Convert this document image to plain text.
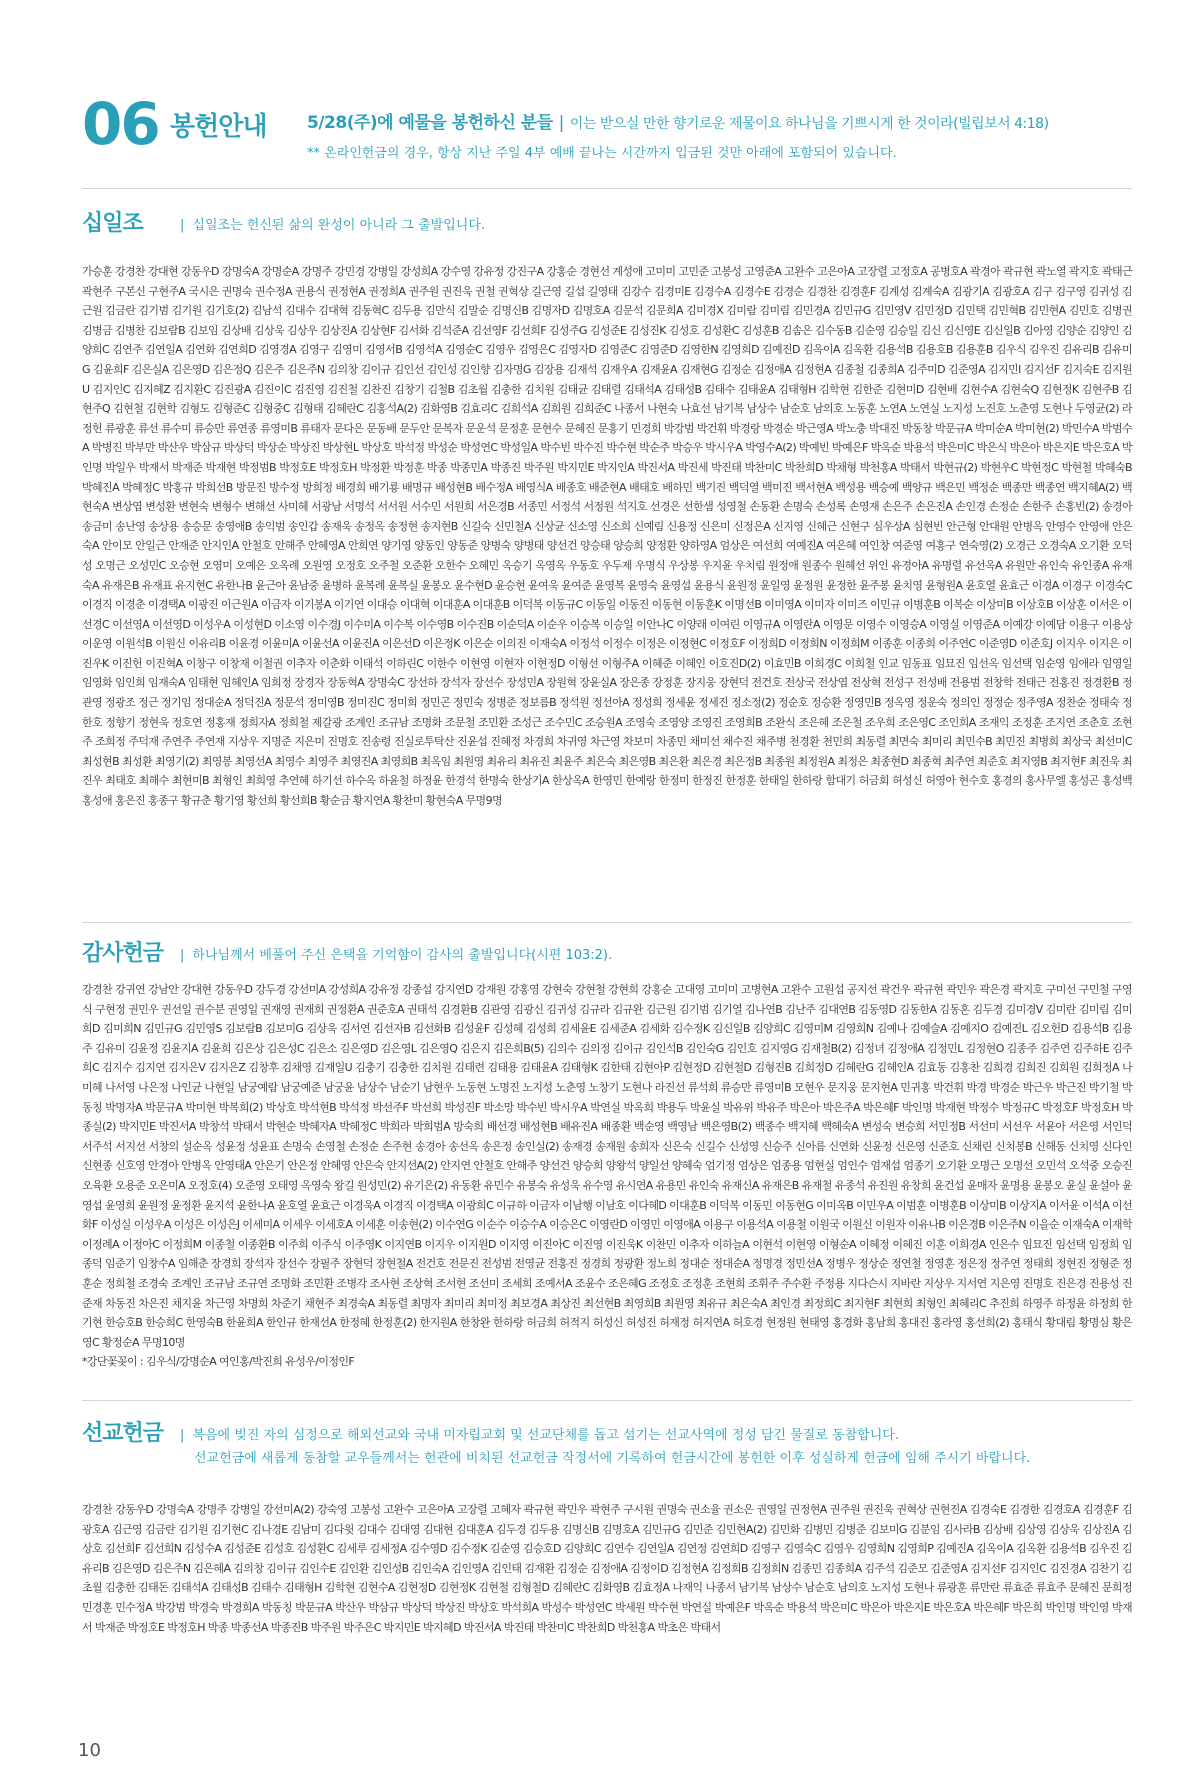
06 봉헌안내 5/28(주)에 예물을 봉헌하신 분들 | 이는 받으실 만한 향기로운 제물이요 하나님을 기쁘시게 한 것이라(빌립보서 4:18)
** 온라인헌금의 경우, 항상 지난 주일 4부 예배 끝나는 시간까지 입금된 것만 아래에 포함되어 있습니다.
십일조	| 십일조는 헌신된 삶의 완성이 아니라 그 출발입니다.
가승훈 강경찬 강대현 강동우D 강명숙A 강명순A 강명주 강민경 강병일 강성희A 강수영 강유정 강진구A 강홍순 경현선 계성애 고미미 고민준 고봉성 고영준A 고완수 고은아A 고장렬 고정호A 공병호A 곽경아 곽규현 곽노열 곽지호 곽태근 곽현주 구본신 구현주A 국시은 권명숙 권수정A 권용식 권정현A 권정희A 권주원 권진욱 권철 권혁상 길근영 길섭 길영태 김강수 김경미E 김경수A 김경수E 김경순 김경찬 김경훈F 김계성 김계숙A 김광기A 김광호A 김구 김구영 김귀성 김근원 김금란 김기범 김기원 김기호(2) 김남석 김대수 김대혁 김동혁C 김두용 김만식 김말순 김명신B 김명자D 김명호A 김문석 김문희A 김미경X 김미람 김미림 김민경A 김민규G 김민영V 김민정D 김민택 김민혁B 김민현A 김민호 김병권 김병금 김병찬 김보람B 김보임 김상배 김상욱 김상우 김상진A 김상현F 김서화 김석준A 김선영F 김선희F 김성주G 김성준E 김성진K 김성호 김성환C 김성훈B 김솜은 김수동B 김순영 김승일 김신 김신영E 김신일B 김아영 김양순 김양인 김양희C 김연주 김연일A 김연화 김연희D 김영경A 김영구 김영미 김영서B 김영석A 김영순C 김영우 김영은C 김영자D 김영준C 김영준D 김영한N 김영희D 김예진D 김옥이A 김옥환 김용석B 김용호B 김용훈B 김우식 김우진 김유리B 김유미G 김윤희F 김은실A 김은영D 김은정Q 김은주 김은주N 김의창 김이규 김인선 김인성 김인향 김자명G 김장용 김재석 김재우A 김재윤A 김재현G 김정순 김정애A 김정현A 김종철 김종희A 김주미D 김준영A 김지민I 김지선F 김지숙E 김지원U 김지인C 김지혜Z 김지환C 김진광A 김진이C 김진영 김진철 김찬진 김창기 김철B 김초월 김충한 김치원 김태균 김태렬 김태석A 김태성B 김태수 김태윤A 김태형H 김학현 김한준 김현미D 김현배 김현수A 김현숙Q 김현정K 김현주B 김현주Q 김현철 김현학 김형도 김형준C 김형중C 김형태 김혜란C 김홍석A(2) 김화영B 김효리C 김희석A 김희원 김희준C 나종서 나현숙 나효선 남기복 남상수 남순호 남의호 노동훈 노연A 노연실 노지성 노진호 노춘영 도현나 두영균(2) 라정헌 류광훈 류선 류수미 류승만 류연종 류영미B 류태자 문다은 문동배 문두안 문복자 문운석 문정훈 문현수 문혜진 문홍기 민경희 박강범 박건휘 박경랑 박경순 박근영A 박노충 박대진 박동창 박문규A 박미순A 박미현(2) 박민수A 박범수A 박병진 박부만 박산우 박삼규 박상덕 박상순 박상진 박상현L 박상호 박석정 박성순 박성연C 박성일A 박수빈 박수진 박수현 박순주 박승우 박시우A 박영수A(2) 박예빈 박예은F 박옥순 박용석 박은미C 박은식 박은아 박은지E 박은호A 박인명 박일우 박재서 박재준 박재현 박정범B 박정호E 박정호H 박정환 박정훈 박종 박종민A 박종진 박주원 박지민E 박지인A 박진서A 박진세 박진태 박찬미C 박찬희D 박채형 박천홍A 박태서 박현규(2) 박현우C 박현정C 박현철 박혜숙B 박혜진A 박혜정C 박홍규 박희선B 방문진 방수정 방희정 배경희 배기룡 배명규 배성현B 배수정A 배영식A 배종호 배준현A 배태호 배하민 백기진 백덕열 백미진 백서현A 백성용 백승예 백양규 백은민 백정순 백종만 백종연 백지혜A(2) 백현숙A 변상엽 변성환 변현숙 변형수 변해선 사미혜 서광남 서명석 서서원 서수민 서원희 서은경B 서종민 서정석 서정원 석지호 선경은 선한샘 성영철 손동환 손명숙 손성록 손영재 손은주 손은진A 손인경 손정순 손한주 손홍빈(2) 송경아 송금미 송난영 송상용 송승문 송영애B 송익범 송인갑 송재욱 송정옥 송정현 송지현B 신길숙 신민철A 신상균 신소영 신소희 신예림 신용정 신은미 신정은A 신지영 신혜근 신현구 심우상A 심현빈 안근형 안대원 안병옥 안영수 안영애 안은숙A 안이모 안일근 안재준 안지인A 안철호 안해주 안혜영A 안희연 양기영 양동인 양동준 양병숙 양병태 양선건 양승태 양승희 양정환 양하영A 엄상은 여선희 여예진A 여은혜 여인창 여준영 여홍구 연숙영(2) 오경근 오경숙A 오기환 오덕성 오명근 오성민C 오승현 오영미 오예은 오옥례 오원영 오정호 오주철 오준환 오한수 오혜민 옥승기 옥영옥 우동호 우두제 우명식 우상봉 우지윤 우치림 원정애 원종수 원혜선 위인 유경아A 유명렬 유선옥A 유원만 유인숙 유인종A 유재숙A 유재은B 유재표 유지현C 유한나B 윤근아 윤남중 윤병하 윤복례 윤복실 윤봉오 윤수현D 윤승현 윤여욱 윤여준 윤영복 윤영숙 윤영섭 윤용식 윤원정 윤일영 윤정원 윤정한 윤주봉 윤치영 윤형원A 윤호열 윤효근 이경A 이경구 이경숙C 이경직 이경춘 이경택A 이광진 이근원A 이금자 이기봉A 이기연 이대승 이대혁 이대훈A 이대훈B 이덕복 이동규C 이동일 이동진 이동현 이동훈K 이명선B 이미영A 이미자 이미즈 이민규 이병훈B 이복순 이상미B 이상호B 이상훈 이서은 이선경C 이선영A 이선영D 이성우A 이성현D 이소영 이수경J 이수미A 이수복 이수영B 이수진B 이순덕A 이순우 이승복 이승일 이안나C 이양래 이여린 이영규A 이영란A 이영문 이영수 이영승A 이영실 이영준A 이예강 이예담 이용구 이용상 이운영 이원석B 이원신 이유리B 이윤경 이윤미A 이윤선A 이윤진A 이은선D 이은정K 이은순 이의진 이재숙A 이정석 이정수 이정은 이정현C 이정호F 이정희D 이정희N 이정희M 이종훈 이종희 이주연C 이준영D 이준호J 이지우 이지은 이진우K 이진헌 이진혁A 이창구 이창재 이철권 이추자 이춘화 이태석 이하린C 이한수 이현영 이현자 이현정D 이형선 이형주A 이혜준 이혜인 이호진D(2) 이효민B 이희경C 이희철 인교 임동표 임묘진 임선옥 임선택 임순영 임애라 임영일 임영화 임인희 임재숙A 임태현 임혜인A 임희정 장경자 장동혁A 장명숙C 장선하 장석자 장선수 장성민A 장원혁 장윤실A 장은종 장정훈 장지웅 장현덕 전건호 전상국 전상엽 전상혁 전성구 전성배 전용범 전창학 전태근 전홍진 정경환B 정관영 정광조 정근 정기임 정대순A 정덕진A 정문석 정미영B 정미진C 정미희 정민곤 정민숙 정병준 정보름B 정석원 정선아A 정성희 정세윤 정세진 정소정(2) 정순호 정승환 정영민B 정옥영 정운숙 정의인 정정순 정주영A 정찬순 정태숙 정한호 정향기 정현욱 정호연 정홍재 정희자A 정희철 제갈광 조계인 조규남 조명화 조문철 조민환 조성근 조수민C 조승원A 조영숙 조영양 조영진 조영희B 조완식 조은혜 조은철 조우희 조은영C 조인희A 조재익 조정훈 조지연 조춘호 조현주 조희정 주덕재 주연주 주연재 지상우 지명준 지은미 진명호 진송령 진실로투탁산 진윤섭 진혜정 차경희 차귀영 차근영 차보미 차종민 채미선 채수진 채주병 천경환 천민희 최동렬 최면숙 최미리 최민수B 최민진 최병희 최상국 최선미C 최성현B 최성환 최영기(2) 최영봉 최영선A 최영수 최영주 최영진A 최영희B 최옥임 최원영 최유리 최유진 최윤주 최은숙 최은영B 최은환 최은경 최은정B 최종원 최정원A 최정은 최종현D 최종혁 최주연 최준호 최지영B 최지현F 최진욱 최진우 최태호 최해수 최현미B 최형인 최희영 추연혜 하기선 하수옥 하윤철 하정윤 한경석 한명숙 한상기A 한상옥A 한영민 한예랑 한정미 한정진 한정훈 한태일 한하랑 함대기 허금회 허성신 허영아 현수호 홍경의 홍사무엘 홍성곤 홍성백 홍성애 홍은진 홍종구 황규춘 황기영 황선희 황선희B 황순금 황지연A 황찬미 황현숙A 무명9명
감사헌금 | 하나님께서 베풀어 주신 은택을 기억함이 감사의 출발입니다(시편 103:2).
강경찬 강귀연 강남안 강대현 강동우D 강두경 강선미A 강성희A 강유정 강종섭 강지연D 강재원 강홍영 강현숙 강현철 강현희 강홍순 고대영 고미미 고병현A 고완수 고원섭 공지선 곽건우 곽규현 곽민우 곽은경 곽지호 구미선 구민철 구영식 구현정 권민우 권선일 권수분 권영일 권재영 권재희 권정환A 권준호A 권태석 김경환B 김관영 김광신 김귀성 김규라 김규완 김근원 김기범 김기열 김나연B 김난주 김대연B 김동영D 김동한A 김동혼 김두경 김미경V 김미란 김미림 김미희D 김미희N 김민규G 김민영S 김보람B 김보미G 김상욱 김서연 김선자B 김선화B 김성윤F 김성혜 김성희 김세윤E 김세준A 김세화 김수정K 김신일B 김양희C 김영미M 김영희N 김예나 김예슬A 김예지O 김예진L 김오헌D 김용석B 김용주 김유미 김윤정 김윤지A 김윤희 김은상 김은성C 김은소 김은영D 김은영L 김은영Q 김은지 김은희B(5) 김의수 김의정 김이규 김인석B 김인숙G 김인호 김지영G 김재철B(2) 김정녀 김정애A 김정민L 김정현O 김종주 김주연 김주하E 김주희C 김지수 김지연 김지은V 김지은Z 김창후 김채영 김재일U 김충기 김충한 김치원 김태련 김태용 김태윤A 김태형K 김한태 김현아P 김현정D 김현철D 김형진B 김희정D 김혜란G 김혜인A 김효동 김홍찬 김희경 김희진 김희원 김희정A 나미혜 나서영 나은정 나인균 나현일 남궁예람 남궁예준 남궁윤 남상수 남순기 남현우 노동현 노명진 노지성 노춘영 노창기 도현나 라진선 류석희 류승만 류영미B 모현우 문지웅 문지현A 민귀홍 박건휘 박경 박경순 박근우 박근진 박기철 박동칭 박명자A 박문규A 박미현 박복희(2) 박상호 박석현B 박석정 박선주F 박선희 박성진F 박소망 박수빈 박시우A 박연실 박옥희 박용두 박윤실 박유위 박유주 박은아 박은주A 박은혜F 박인명 박재현 박정수 박정규C 박정호F 박정호H 박종실(2) 박지민E 박진서A 박창석 박태서 박현순 박혜자A 박혜정C 박희라 박희범A 방숙희 배선경 배성현B 배유진A 배종환 백순영 백영남 백은영B(2) 백종수 백지혜 백혜숙A 변성숙 변승희 서민정B 서선미 서선우 서윤아 서은영 서인덕 서주석 서지선 서창의 설순옥 성윤정 성윤표 손명숙 손영철 손정순 손주현 송경아 송선옥 송은정 송인실(2) 송재경 송재원 송희자 신은숙 신길수 신성영 신승주 신아름 신연화 신윤정 신은영 신준호 신채린 신치봉B 신해동 신치영 신다인 신현종 신호영 안경아 안병옥 안영태A 안은기 안은정 안혜영 안은숙 안지선A(2) 안지연 안철호 안해주 양선건 양승희 양왕석 양일선 양혜숙 엄기정 엄상은 엄종용 엄현실 엄인수 엄재섭 엄종기 오기환 오명근 오명선 오민석 오석중 오승진 오육환 오용준 오은미A 오정호(4) 오준영 오태영 옥영숙 왕길 원성민(2) 유기은(2) 유동환 유민수 유봉숙 유성욱 유수영 유시연A 유용민 유인숙 유재신A 유재은B 유재철 유종석 유진원 유창희 윤건섭 윤매자 윤명용 윤봉오 윤실 윤설아 윤영섭 윤영희 윤원정 윤정환 윤지석 윤한나A 윤호열 윤효근 이경욱A 이경직 이경택A 이광희C 이규하 이금자 이남행 이남호 이다혜D 이대훈B 이덕복 이동민 이동현G 이미옥B 이민우A 이범훈 이병훈B 이상미B 이상지A 이서윤 이석A 이선화F 이성실 이성우A 이성은 이성은J 이세미A 이세우 이세호A 이세훈 이송현(2) 이수연G 이순수 이승수A 이승은C 이영란D 이영민 이영애A 이용구 이용석A 이용철 이원국 이원신 이원자 이유나B 이은경B 이은주N 이을순 이재숙A 이재학 이정례A 이정아C 이정희M 이종철 이종환B 이주희 이주식 이주영K 이지연B 이지우 이지원D 이지영 이진아C 이진영 이진욱K 이찬민 이추자 이하늘A 이현석 이현영 이형순A 이혜정 이혜진 이훈 이희경A 인은수 임묘진 임선택 임정희 임종덕 임준기 임창수A 임해춘 장경희 장석자 장선수 장필주 장현덕 장현철A 전건호 전문진 전성범 전영균 전홍진 정경희 정광환 정노희 정대순 정대순A 정명경 정민선A 정병우 정상순 정연철 정영훈 정은정 정주연 정태희 정현진 정형준 정훈순 정희철 조경숙 조계인 조규남 조규연 조명화 조민환 조병각 조사현 조상혁 조서현 조선미 조세희 조예서A 조윤수 조은혜G 조정호 조정훈 조현희 조휘주 주수환 주정용 지다슨시 지바란 지상우 지서연 지은영 진명호 진은경 진용성 진준재 차동진 차은진 채지윤 차근영 차명희 차준기 채현주 최경숙A 최동렬 최명자 최미리 최미정 최보경A 최상진 최선현B 최영희B 최원영 최유규 최은숙A 최인경 최정희C 최지현F 최현희 최형인 최혜리C 추진희 하영주 하정윤 하정희 한기현 한승호B 한승희C 한영숙B 한윤희A 한인규 한재선A 한정혜 한정훈(2) 한지원A 한창완 한하랑 허금희 허적지 허성신 허성진 허재정 허지연A 허호경 현정원 현태영 홍경화 홍남희 홍대진 홍라영 홍선희(2) 홍태식 황대림 황명심 황은영C 황정순A 무명10명
*강단꽃꽂이 : 김우식/강명순A 여인홍/박진희 유성우/이정인F
선교헌금 | 복음에 빚진 자의 심정으로 해외선교와 국내 미자립교회 및 선교단체를 돕고 섬기는 선교사역에 정성 담긴 물질로 동참합니다.
선교헌금에 새롭게 동참할 교우들께서는 헌관에 비치된 선교헌금 작정서에 기록하여 헌금시간에 봉헌한 이후 성실하게 헌금에 임해 주시기 바랍니다.
강경찬 강동우D 강명숙A 강명주 강병일 강선미A(2) 강숙영 고봉성 고완수 고은아A 고장렬 고혜자 곽규현 곽민우 곽현주 구시원 권명숙 권소율 권소은 권영일 권정현A 권주원 권진욱 권혁상 권현진A 김경숙E 김경한 김경호A 김경훈F 김광호A 김근영 김금란 김기원 김기현C 김나경E 김남미 김다윗 김대수 김대영 김대현 김대훈A 김두경 김두용 김명신B 김명호A 김민규G 김민준 김민현A(2) 김민화 김병민 김병준 김보미G 김분임 김사라B 김상배 김상영 김상욱 김상진A 김상호 김선희F 김선희N 김성수A 김성준E 김성호 김성환C 김세루 김세정A 김수영D 김수정K 김순영 김승호D 김양희C 김연수 김연일A 김연정 김연희D 김영구 김영숙C 김영우 김영희N 김영희P 김예진A 김옥이A 김옥환 김용석B 김우진 김유리B 김은영D 김은주N 김은혜A 김의창 김이규 김인수E 김인환 김인성B 김인숙A 김인영A 김인태 김재환 김정순 김정애A 김정이D 김정현A 김정희B 김정희N 김종민 김종희A 김주석 김준모 김준영A 김지선F 김지인C 김진경A 김찬기 김초월 김충한 김태돈 김태석A 김태성B 김태수 김태형H 김학현 김현수A 김현정D 김현정K 김현철 김형철D 김혜란C 김화영B 김효정A 나재익 나종서 남기복 남상수 남순호 남의호 노지성 도현나 류광훈 류만란 류효준 류효주 문혜진 문희정 민경훈 민수정A 박강범 박경숙 박경희A 박동칭 박문규A 박산우 박삼규 박상덕 박상진 박상호 박석희A 박성수 박성연C 박세원 박수현 박연실 박예은F 박옥순 박용석 박은미C 박은아 박은지E 박은호A 박은혜F 박은희 박인명 박인영 박재서 박재준 박정호E 박정호H 박종 박종선A 박종진B 박주원 박주은C 박지민E 박지혜D 박진서A 박진태 박찬미C 박찬희D 박천홍A 박초은 박태서
10
